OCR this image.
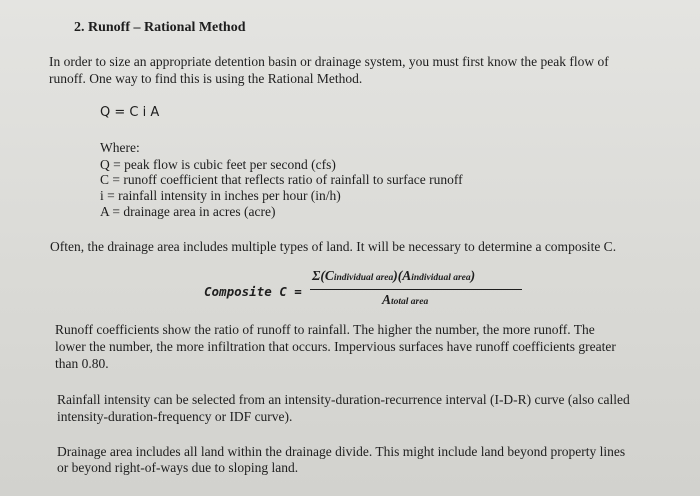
2. Runoff – Rational Method
In order to size an appropriate detention basin or drainage system, you must first know the peak flow of
runoff. One way to find this is using the Rational Method.
Q = C i A
Where:
Q = peak flow is cubic feet per second (cfs)
C = runoff coefficient that reflects ratio of rainfall to surface runoff
i = rainfall intensity in inches per hour (in/h)
A = drainage area in acres (acre)
Often, the drainage area includes multiple types of land. It will be necessary to determine a composite C.
Composite C =
Σ(Cindividual area)(Aindividual area)
Atotal area
Runoff coefficients show the ratio of runoff to rainfall. The higher the number, the more runoff. The
lower the number, the more infiltration that occurs. Impervious surfaces have runoff coefficients greater
than 0.80.
Rainfall intensity can be selected from an intensity-duration-recurrence interval (I-D-R) curve (also called
intensity-duration-frequency or IDF curve).
Drainage area includes all land within the drainage divide. This might include land beyond property lines
or beyond right-of-ways due to sloping land.
